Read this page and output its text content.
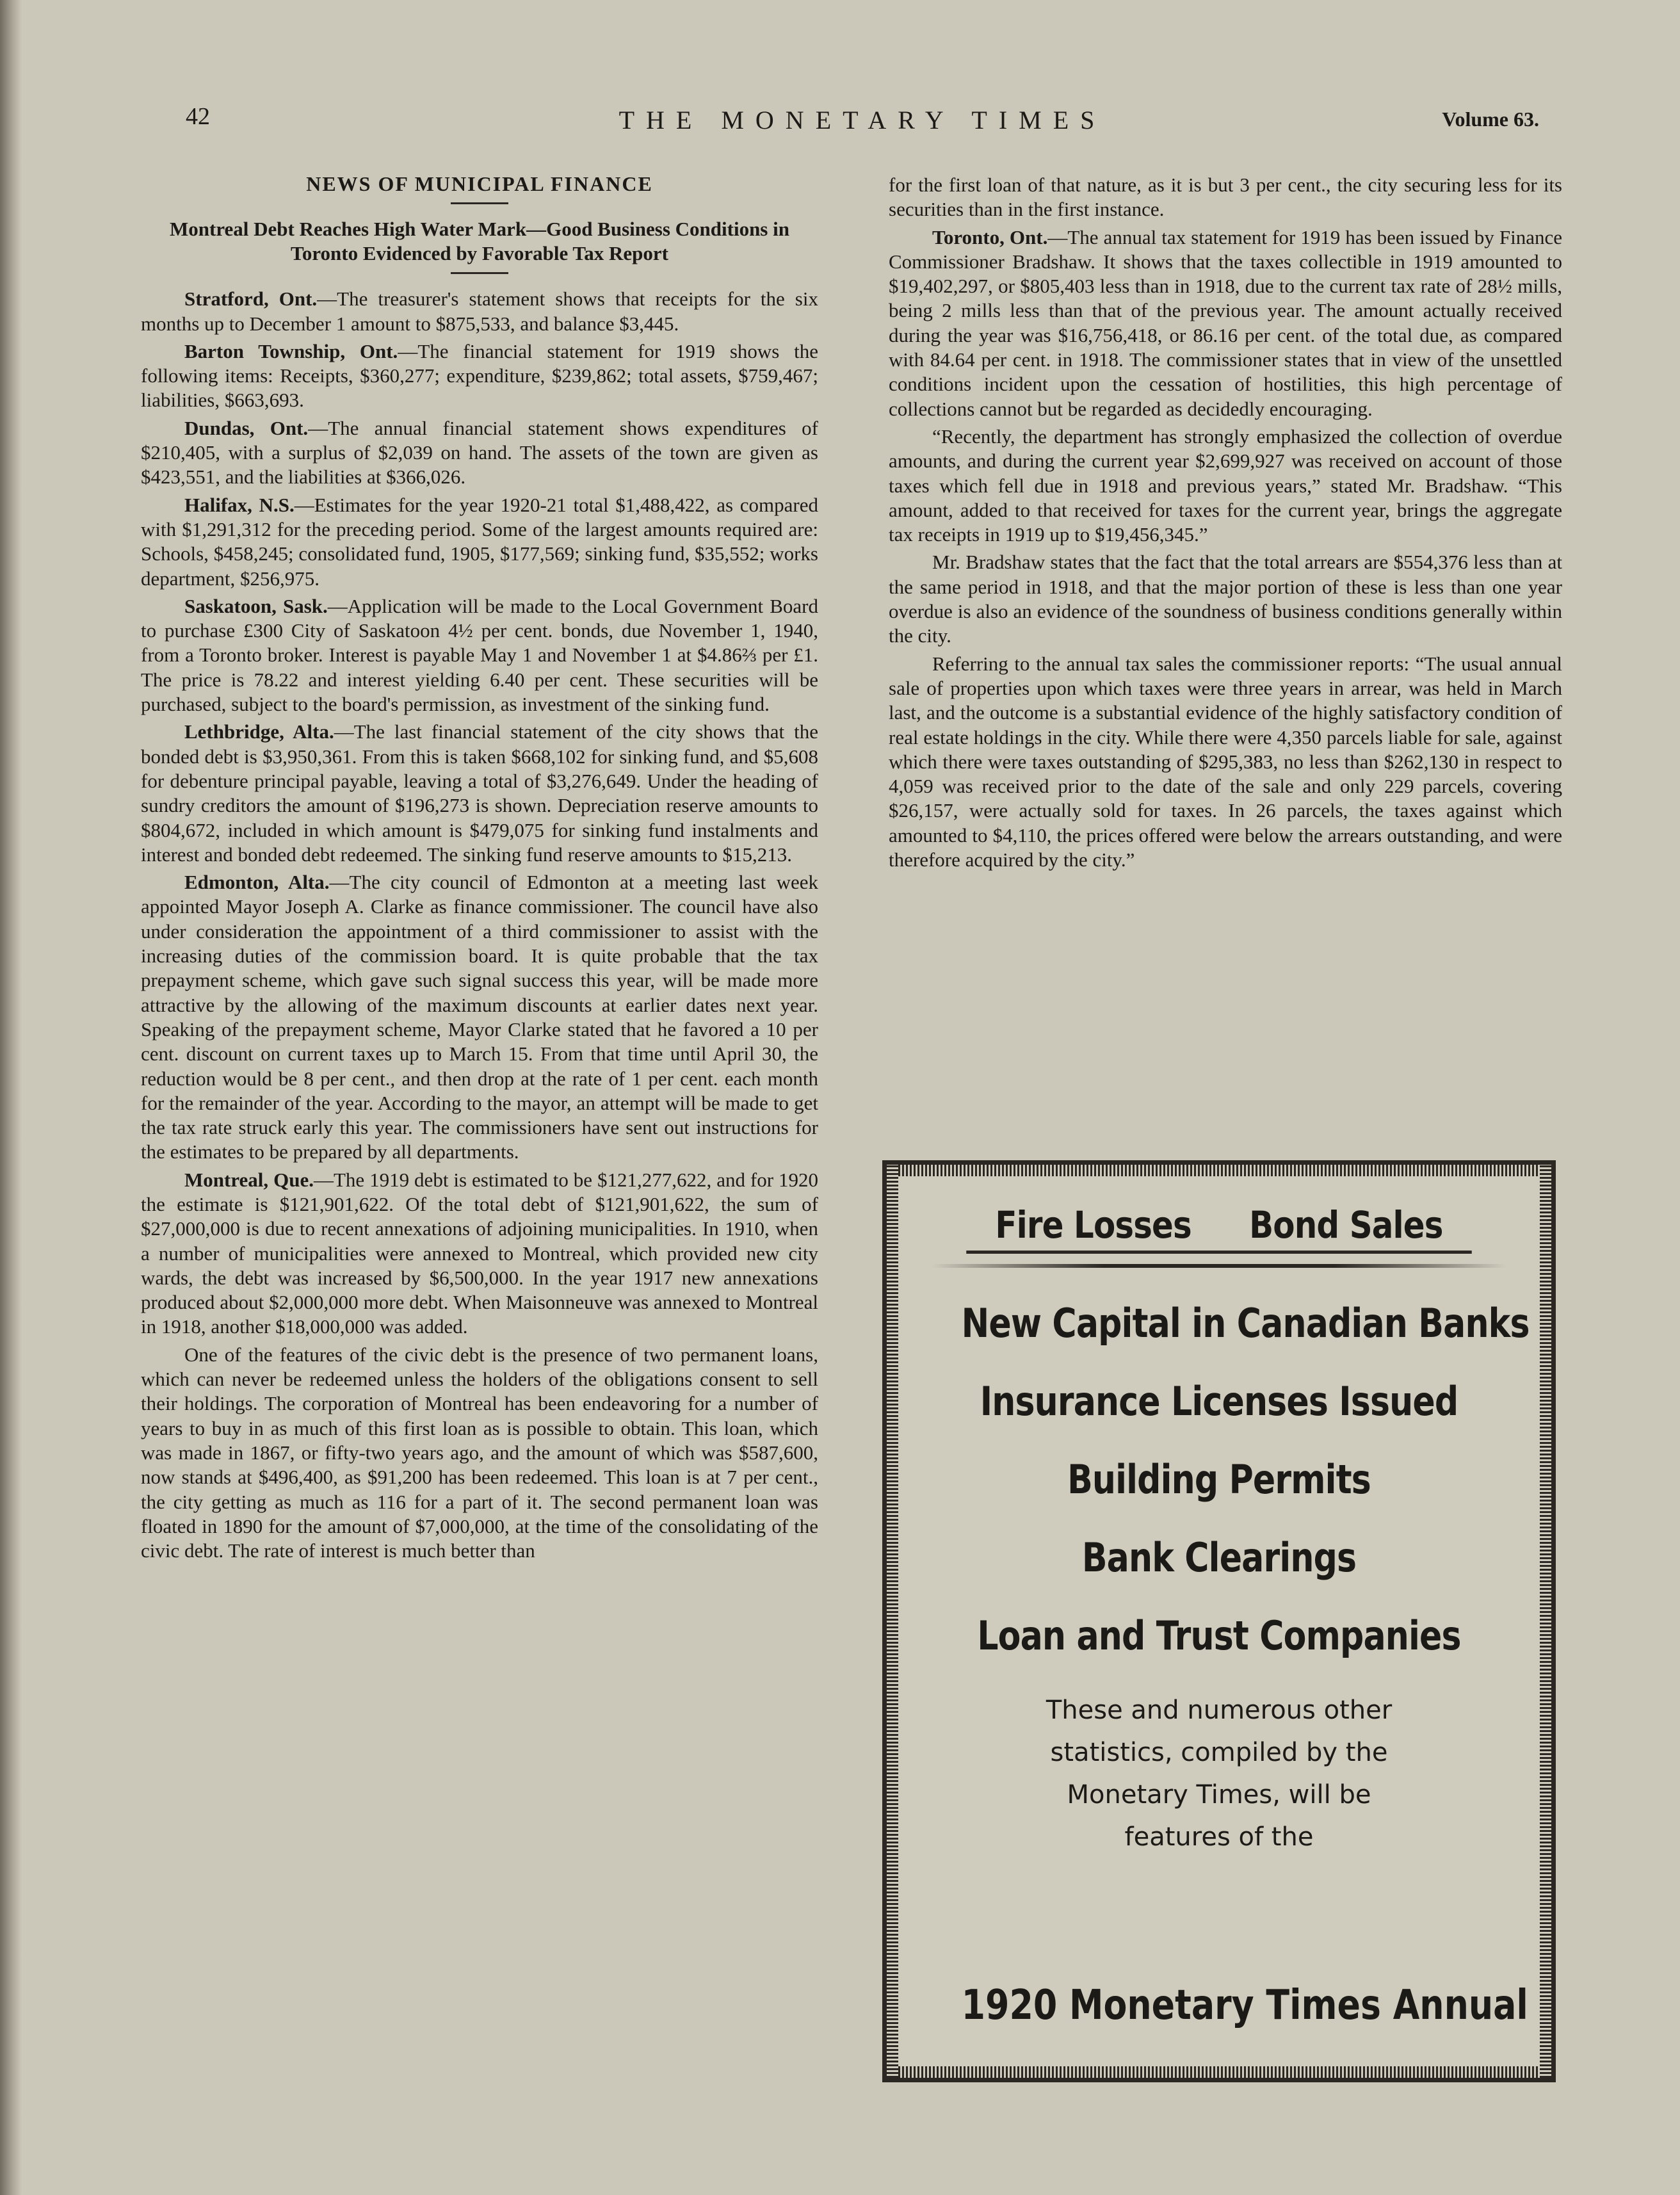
42	THE MONETARY TIMES	Volume 63.
NEWS OF MUNICIPAL FINANCE
Montreal Debt Reaches High Water Mark—Good Business Conditions in Toronto Evidenced by Favorable Tax Report

Stratford, Ont.—The treasurer's statement shows that receipts for the six months up to December 1 amount to $875,533, and balance $3,445.

Barton Township, Ont.—The financial statement for 1919 shows the following items: Receipts, $360,277; expenditure, $239,862; total assets, $759,467; liabilities, $663,693.

Dundas, Ont.—The annual financial statement shows expenditures of $210,405, with a surplus of $2,039 on hand. The assets of the town are given as $423,551, and the liabilities at $366,026.

Halifax, N.S.—Estimates for the year 1920-21 total $1,488,422, as compared with $1,291,312 for the preceding period. Some of the largest amounts required are: Schools, $458,245; consolidated fund, 1905, $177,569; sinking fund, $35,552; works department, $256,975.

Saskatoon, Sask.—Application will be made to the Local Government Board to purchase £300 City of Saskatoon 4½ per cent. bonds, due November 1, 1940, from a Toronto broker. Interest is payable May 1 and November 1 at $4.86⅔ per £1. The price is 78.22 and interest yielding 6.40 per cent. These securities will be purchased, subject to the board's permission, as investment of the sinking fund.

Lethbridge, Alta.—The last financial statement of the city shows that the bonded debt is $3,950,361. From this is taken $668,102 for sinking fund, and $5,608 for debenture principal payable, leaving a total of $3,276,649. Under the heading of sundry creditors the amount of $196,273 is shown. Depreciation reserve amounts to $804,672, included in which amount is $479,075 for sinking fund instalments and interest and bonded debt redeemed. The sinking fund reserve amounts to $15,213.

Edmonton, Alta.—The city council of Edmonton at a meeting last week appointed Mayor Joseph A. Clarke as finance commissioner. The council have also under consideration the appointment of a third commissioner to assist with the increasing duties of the commission board. It is quite probable that the tax prepayment scheme, which gave such signal success this year, will be made more attractive by the allowing of the maximum discounts at earlier dates next year. Speaking of the prepayment scheme, Mayor Clarke stated that he favored a 10 per cent. discount on current taxes up to March 15. From that time until April 30, the reduction would be 8 per cent., and then drop at the rate of 1 per cent. each month for the remainder of the year. According to the mayor, an attempt will be made to get the tax rate struck early this year. The commissioners have sent out instructions for the estimates to be prepared by all departments.

Montreal, Que.—The 1919 debt is estimated to be $121,277,622, and for 1920 the estimate is $121,901,622. Of the total debt of $121,901,622, the sum of $27,000,000 is due to recent annexations of adjoining municipalities. In 1910, when a number of municipalities were annexed to Montreal, which provided new city wards, the debt was increased by $6,500,000. In the year 1917 new annexations produced about $2,000,000 more debt. When Maisonneuve was annexed to Montreal in 1918, another $18,000,000 was added.

One of the features of the civic debt is the presence of two permanent loans, which can never be redeemed unless the holders of the obligations consent to sell their holdings. The corporation of Montreal has been endeavoring for a number of years to buy in as much of this first loan as is possible to obtain. This loan, which was made in 1867, or fifty-two years ago, and the amount of which was $587,600, now stands at $496,400, as $91,200 has been redeemed. This loan is at 7 per cent., the city getting as much as 116 for a part of it. The second permanent loan was floated in 1890 for the amount of $7,000,000, at the time of the consolidating of the civic debt. The rate of interest is much better than

for the first loan of that nature, as it is but 3 per cent., the city securing less for its securities than in the first instance.

Toronto, Ont.—The annual tax statement for 1919 has been issued by Finance Commissioner Bradshaw. It shows that the taxes collectible in 1919 amounted to $19,402,297, or $805,403 less than in 1918, due to the current tax rate of 28½ mills, being 2 mills less than that of the previous year. The amount actually received during the year was $16,756,418, or 86.16 per cent. of the total due, as compared with 84.64 per cent. in 1918. The commissioner states that in view of the unsettled conditions incident upon the cessation of hostilities, this high percentage of collections cannot but be regarded as decidedly encouraging.

“Recently, the department has strongly emphasized the collection of overdue amounts, and during the current year $2,699,927 was received on account of those taxes which fell due in 1918 and previous years,” stated Mr. Bradshaw. “This amount, added to that received for taxes for the current year, brings the aggregate tax receipts in 1919 up to $19,456,345.”

Mr. Bradshaw states that the fact that the total arrears are $554,376 less than at the same period in 1918, and that the major portion of these is less than one year overdue is also an evidence of the soundness of business conditions generally within the city.

Referring to the annual tax sales the commissioner reports: “The usual annual sale of properties upon which taxes were three years in arrear, was held in March last, and the outcome is a substantial evidence of the highly satisfactory condition of real estate holdings in the city. While there were 4,350 parcels liable for sale, against which there were taxes outstanding of $295,383, no less than $262,130 in respect to 4,059 was received prior to the date of the sale and only 229 parcels, covering $26,157, were actually sold for taxes. In 26 parcels, the taxes against which amounted to $4,110, the prices offered were below the arrears outstanding, and were therefore acquired by the city.”

Fire Losses Bond Sales
New Capital in Canadian Banks
Insurance Licenses Issued
Building Permits
Bank Clearings
Loan and Trust Companies
These and numerous other statistics, compiled by the Monetary Times, will be features of the
1920 Monetary Times Annual
